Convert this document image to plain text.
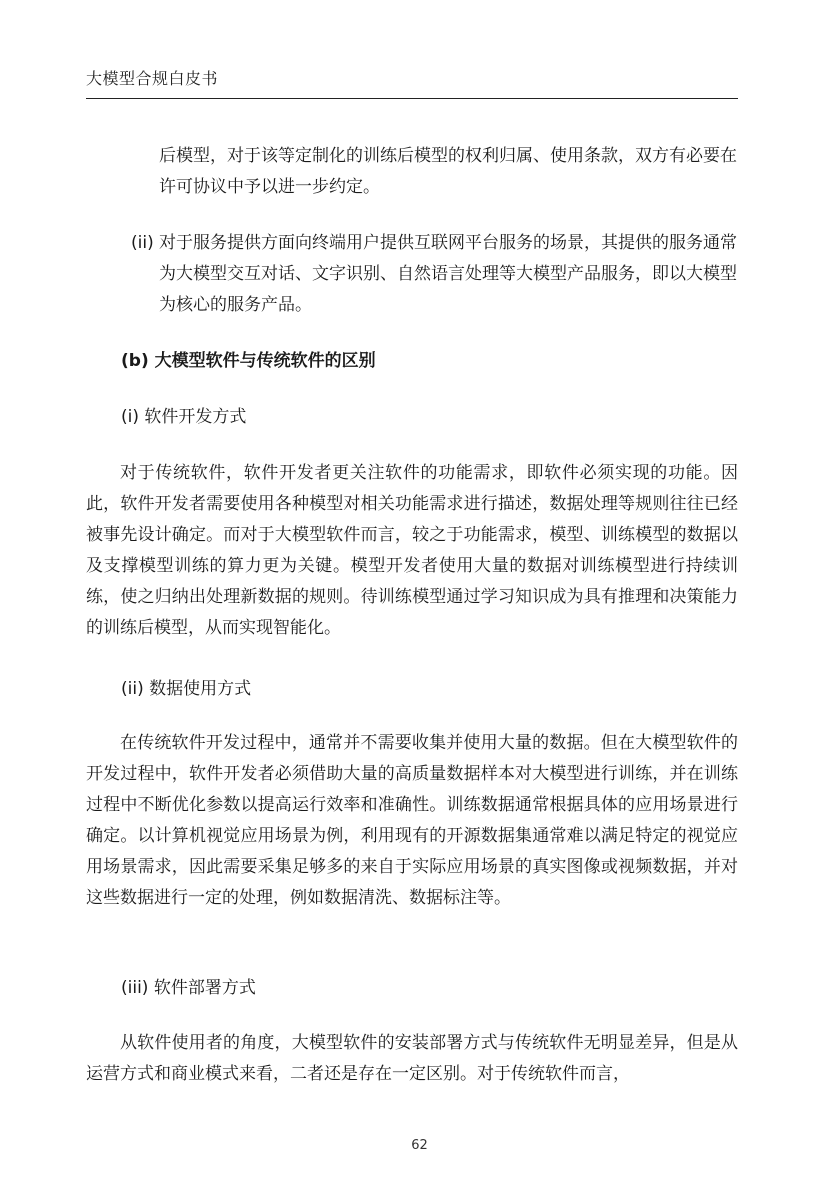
大模型合规白皮书

后模型，对于该等定制化的训练后模型的权利归属、使用条款，双方有必要在许可协议中予以进一步约定。

(ii) 对于服务提供方面向终端用户提供互联网平台服务的场景，其提供的服务通常为大模型交互对话、文字识别、自然语言处理等大模型产品服务，即以大模型为核心的服务产品。
(b) 大模型软件与传统软件的区别
(i) 软件开发方式

对于传统软件，软件开发者更关注软件的功能需求，即软件必须实现的功能。因此，软件开发者需要使用各种模型对相关功能需求进行描述，数据处理等规则往往已经被事先设计确定。而对于大模型软件而言，较之于功能需求，模型、训练模型的数据以及支撑模型训练的算力更为关键。模型开发者使用大量的数据对训练模型进行持续训练，使之归纳出处理新数据的规则。待训练模型通过学习知识成为具有推理和决策能力的训练后模型，从而实现智能化。

(ii) 数据使用方式

在传统软件开发过程中，通常并不需要收集并使用大量的数据。但在大模型软件的开发过程中，软件开发者必须借助大量的高质量数据样本对大模型进行训练，并在训练过程中不断优化参数以提高运行效率和准确性。训练数据通常根据具体的应用场景进行确定。以计算机视觉应用场景为例，利用现有的开源数据集通常难以满足特定的视觉应用场景需求，因此需要采集足够多的来自于实际应用场景的真实图像或视频数据，并对这些数据进行一定的处理，例如数据清洗、数据标注等。

(iii) 软件部署方式

从软件使用者的角度，大模型软件的安装部署方式与传统软件无明显差异，但是从运营方式和商业模式来看，二者还是存在一定区别。对于传统软件而言，

62
